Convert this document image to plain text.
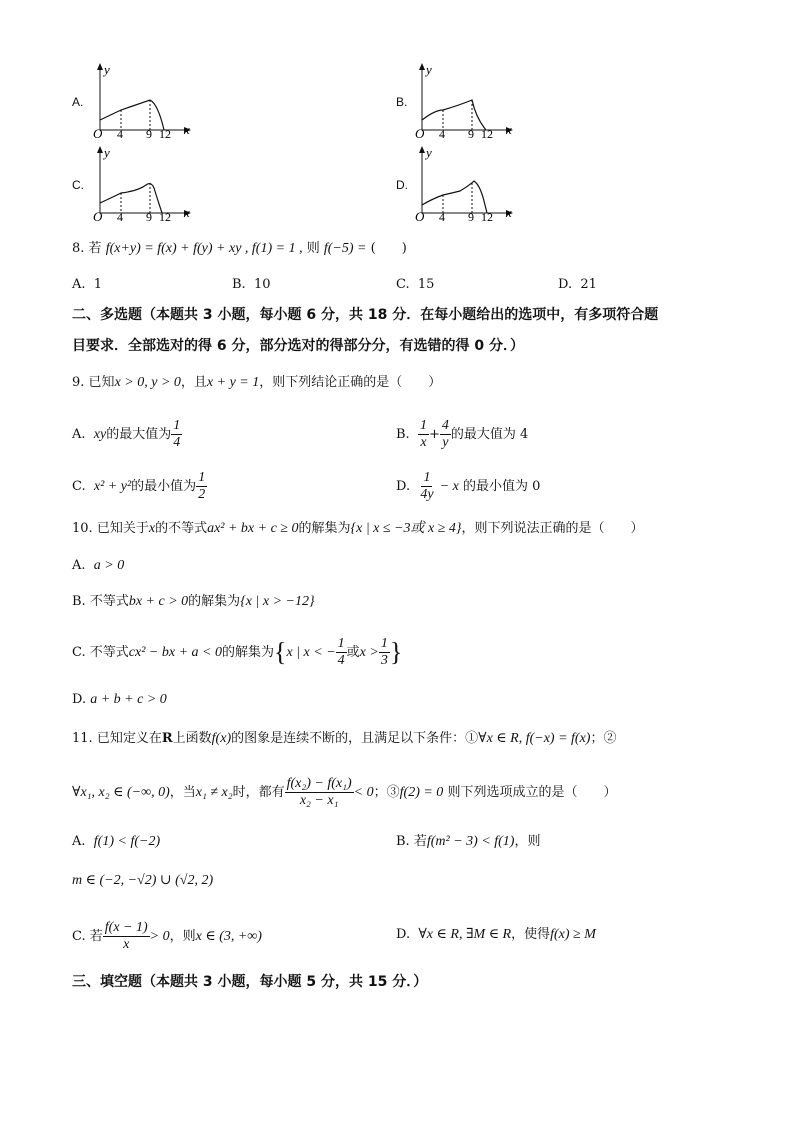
A.
y
x
O 4 9 12
B.
y
x
O 4 9 12
C.
y
x
O 4 9 12
D.
y
x
O 4 9 12
8. 若 f(x+y) = f(x) + f(y) + xy , f(1) = 1 , 则 f(−5) = (　　)
A. 1	B. 10	C. 15	D. 21
二、多选题（本题共 3 小题，每小题 6 分，共 18 分．在每小题给出的选项中，有多项符合题
目要求．全部选对的得 6 分，部分选对的得部分分，有选错的得 0 分．）
9. 已知x > 0, y > 0，且x + y = 1，则下列结论正确的是（　　）
A. xy的最大值为 $\frac{1}{4}$	B. $\frac{1}{x} + \frac{4}{y}$ 的最大值为 4
C. x² + y²的最小值为 $\frac{1}{2}$	D. $\frac{1}{4y} - x$ 的最小值为 0
10. 已知关于x的不等式ax² + bx + c ≥ 0的解集为{x | x ≤ −3或 x ≥ 4}，则下列说法正确的是（　　）
A. a > 0
B. 不等式bx + c > 0的解集为{x | x > −12}
C. 不等式cx² − bx + a < 0的解集为{x | x < − $\frac{1}{4}$ 或$x > \frac{1}{3}$ }
D. a + b + c > 0
11. 已知定义在R上函数f(x)的图象是连续不断的，且满足以下条件：①∀x ∈ R, f(−x) = f(x)；②
∀x₁, x₂ ∈ (−∞, 0)，当x₁ ≠ x₂时，都有 $\frac{\text{f(x₂) − f(x₁)}}{\text{x₂ − x₁}} < 0$；③f(2) = 0 则下列选项成立的是（　　）
A. f(1) < f(−2)	B. 若f(m² − 3) < f(1)，则
m ∈ (−2, −√2) ∪ (√2, 2)
C. 若 $\frac{f(x - 1)}{x} > 0$，则x ∈ (3, +∞)	D. ∀x ∈ R, ∃M ∈ R，使得f(x) ≥ M
三、填空题（本题共 3 小题，每小题 5 分，共 15 分．）
